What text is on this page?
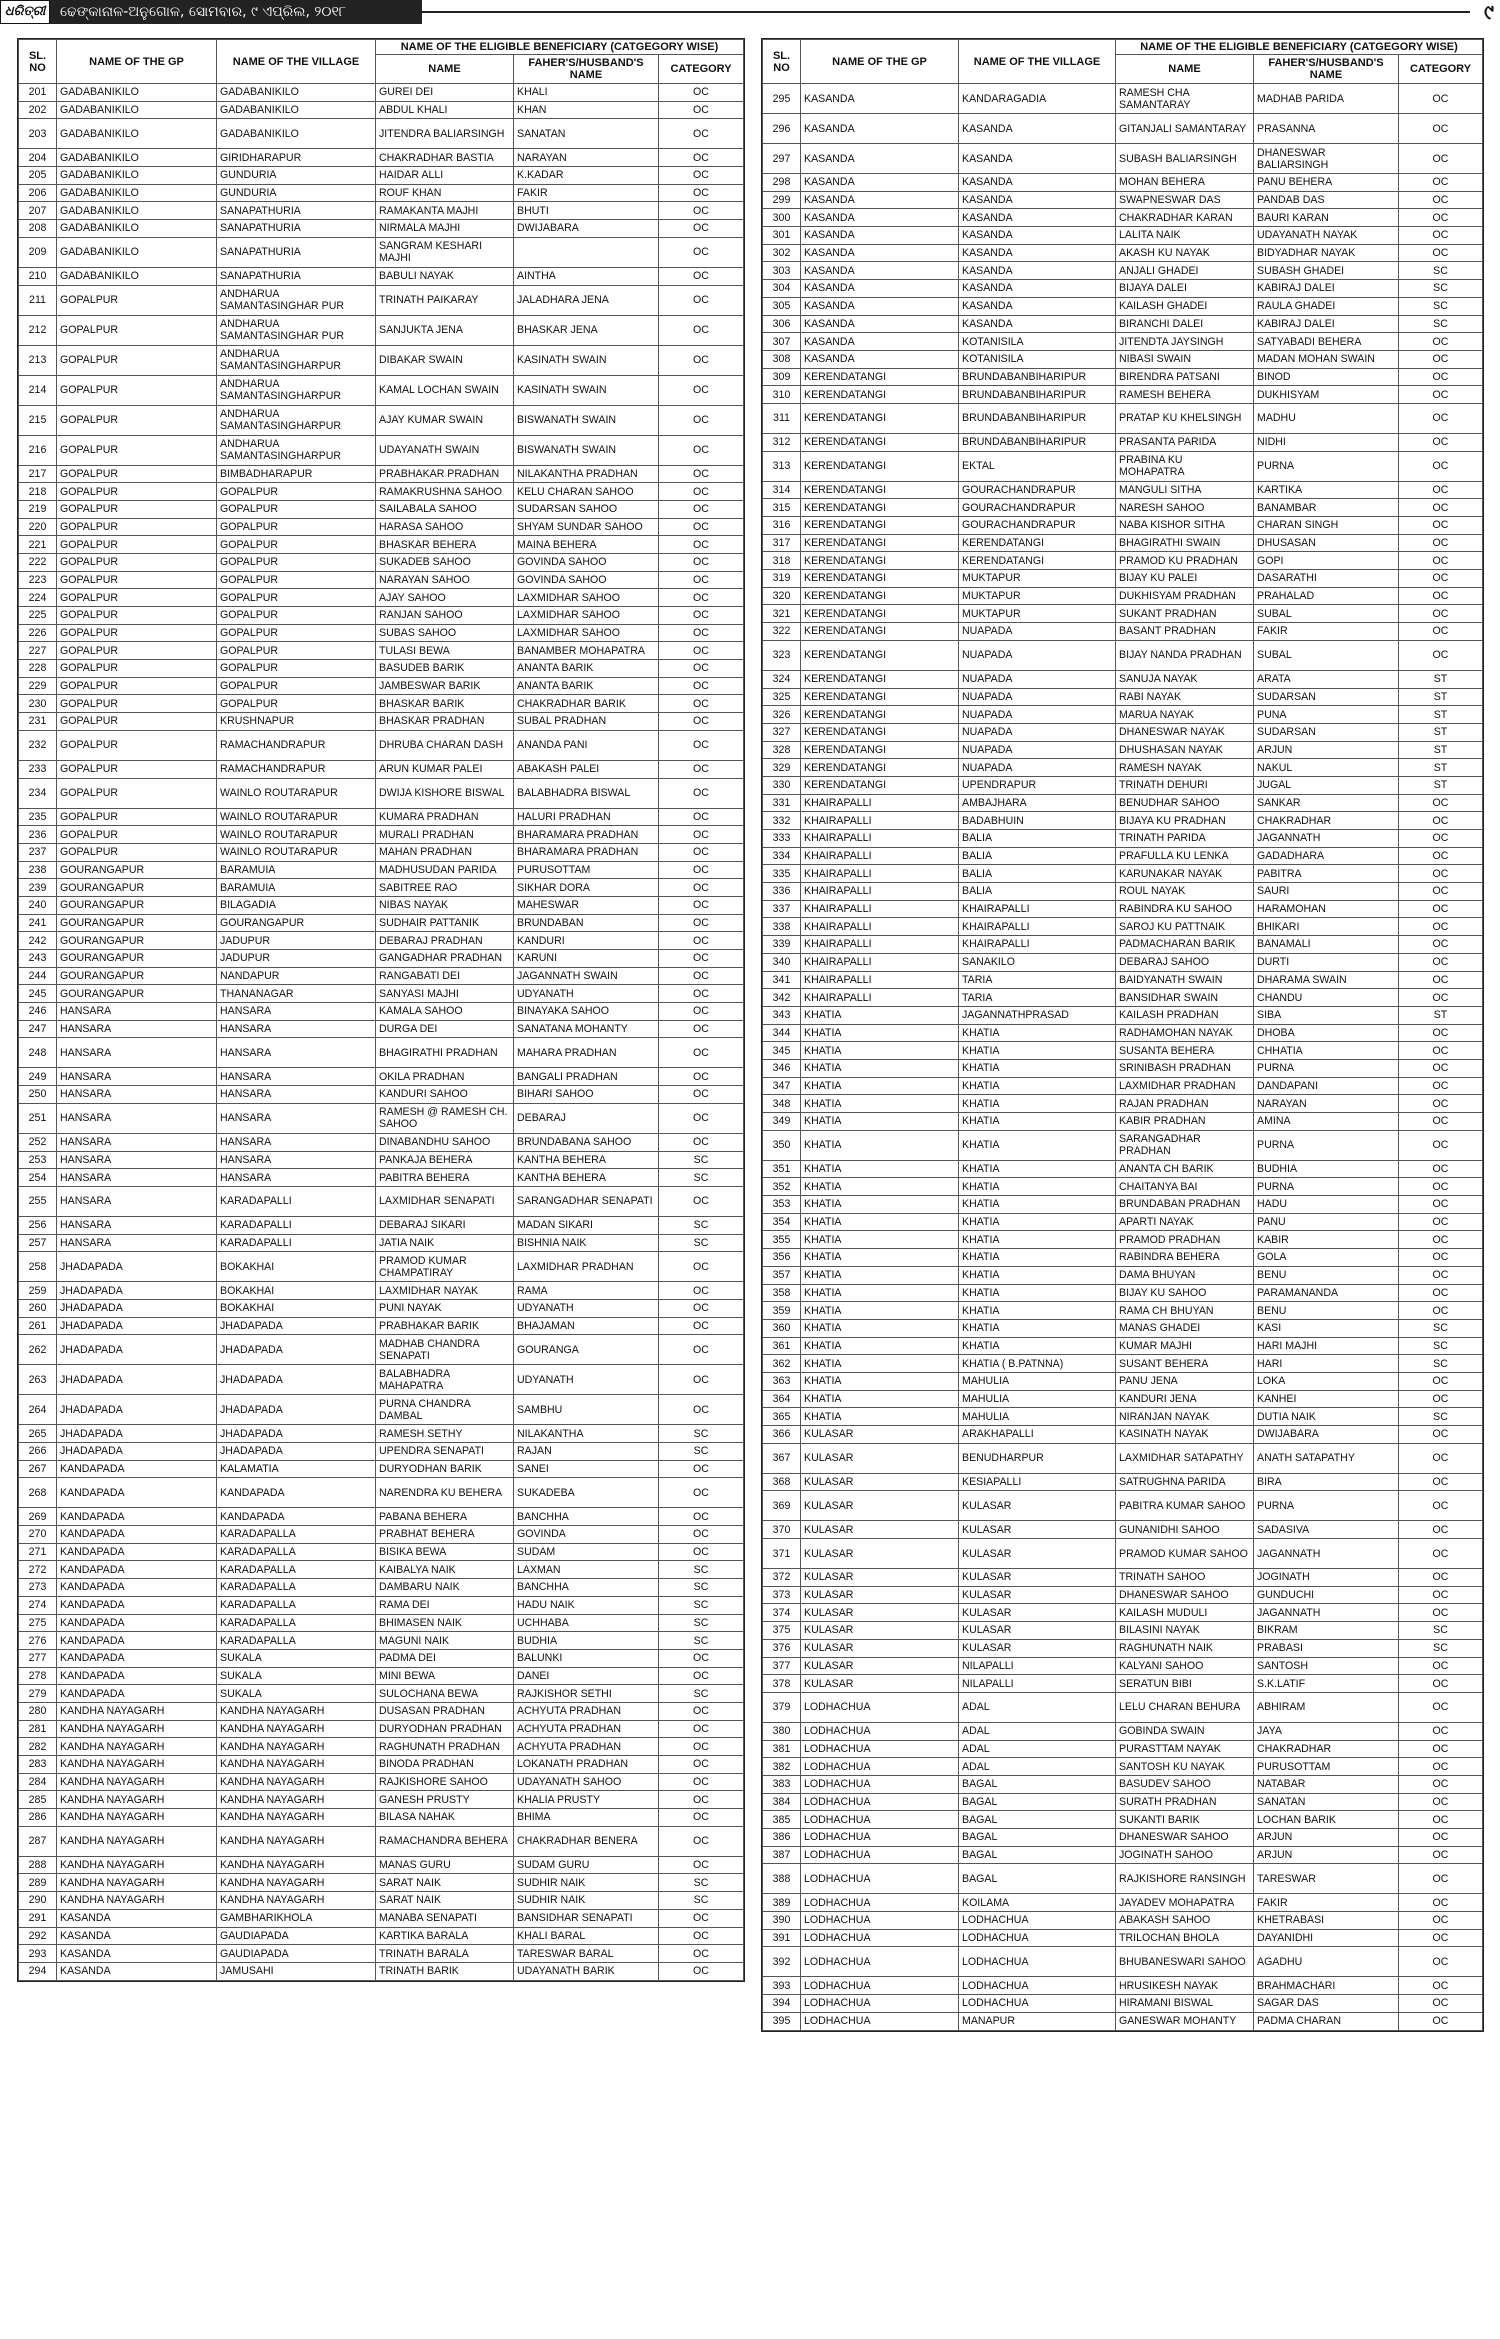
ଧରିତ୍ରୀ	ଢେଙ୍କାନାଳ-ଅନୁଗୋଳ, ସୋମବାର, ୯ ଏପ୍ରିଲ, ୨୦୧୮	୯
SL. NO	NAME OF THE GP	NAME OF THE VILLAGE	NAME OF THE ELIGIBLE BENEFICIARY (CATGEGORY WISE)		
			NAME	FAHER'S/HUSBAND'S NAME	CATEGORY
201	GADABANIKILO	GADABANIKILO	GUREI DEI	KHALI	OC
202	GADABANIKILO	GADABANIKILO	ABDUL KHALI	KHAN	OC
203	GADABANIKILO	GADABANIKILO	JITENDRA BALIARSINGH	SANATAN	OC
204	GADABANIKILO	GIRIDHARAPUR	CHAKRADHAR BASTIA	NARAYAN	OC
205	GADABANIKILO	GUNDURIA	HAIDAR ALLI	K.KADAR	OC
206	GADABANIKILO	GUNDURIA	ROUF KHAN	FAKIR	OC
207	GADABANIKILO	SANAPATHURIA	RAMAKANTA MAJHI	BHUTI	OC
208	GADABANIKILO	SANAPATHURIA	NIRMALA MAJHI	DWIJABARA	OC
209	GADABANIKILO	SANAPATHURIA	SANGRAM KESHARI MAJHI		OC
210	GADABANIKILO	SANAPATHURIA	BABULI NAYAK	AINTHA	OC
211	GOPALPUR	ANDHARUA SAMANTASINGHAR PUR	TRINATH PAIKARAY	JALADHARA JENA	OC
212	GOPALPUR	ANDHARUA SAMANTASINGHAR PUR	SANJUKTA JENA	BHASKAR JENA	OC
213	GOPALPUR	ANDHARUA SAMANTASINGHARPUR	DIBAKAR SWAIN	KASINATH SWAIN	OC
214	GOPALPUR	ANDHARUA SAMANTASINGHARPUR	KAMAL LOCHAN SWAIN	KASINATH SWAIN	OC
215	GOPALPUR	ANDHARUA SAMANTASINGHARPUR	AJAY KUMAR SWAIN	BISWANATH SWAIN	OC
216	GOPALPUR	ANDHARUA SAMANTASINGHARPUR	UDAYANATH SWAIN	BISWANATH SWAIN	OC
217	GOPALPUR	BIMBADHARAPUR	PRABHAKAR PRADHAN	NILAKANTHA PRADHAN	OC
218	GOPALPUR	GOPALPUR	RAMAKRUSHNA SAHOO	KELU CHARAN SAHOO	OC
219	GOPALPUR	GOPALPUR	SAILABALA SAHOO	SUDARSAN SAHOO	OC
220	GOPALPUR	GOPALPUR	HARASA SAHOO	SHYAM SUNDAR SAHOO	OC
221	GOPALPUR	GOPALPUR	BHASKAR BEHERA	MAINA BEHERA	OC
222	GOPALPUR	GOPALPUR	SUKADEB SAHOO	GOVINDA SAHOO	OC
223	GOPALPUR	GOPALPUR	NARAYAN SAHOO	GOVINDA SAHOO	OC
224	GOPALPUR	GOPALPUR	AJAY SAHOO	LAXMIDHAR SAHOO	OC
225	GOPALPUR	GOPALPUR	RANJAN SAHOO	LAXMIDHAR SAHOO	OC
226	GOPALPUR	GOPALPUR	SUBAS SAHOO	LAXMIDHAR SAHOO	OC
227	GOPALPUR	GOPALPUR	TULASI BEWA	BANAMBER MOHAPATRA	OC
228	GOPALPUR	GOPALPUR	BASUDEB BARIK	ANANTA BARIK	OC
229	GOPALPUR	GOPALPUR	JAMBESWAR BARIK	ANANTA BARIK	OC
230	GOPALPUR	GOPALPUR	BHASKAR BARIK	CHAKRADHAR BARIK	OC
231	GOPALPUR	KRUSHNAPUR	BHASKAR PRADHAN	SUBAL PRADHAN	OC
232	GOPALPUR	RAMACHANDRAPUR	DHRUBA CHARAN DASH	ANANDA PANI	OC
233	GOPALPUR	RAMACHANDRAPUR	ARUN KUMAR PALEI	ABAKASH PALEI	OC
234	GOPALPUR	WAINLO ROUTARAPUR	DWIJA KISHORE BISWAL	BALABHADRA BISWAL	OC
235	GOPALPUR	WAINLO ROUTARAPUR	KUMARA PRADHAN	HALURI PRADHAN	OC
236	GOPALPUR	WAINLO ROUTARAPUR	MURALI PRADHAN	BHARAMARA PRADHAN	OC
237	GOPALPUR	WAINLO ROUTARAPUR	MAHAN PRADHAN	BHARAMARA PRADHAN	OC
238	GOURANGAPUR	BARAMUIA	MADHUSUDAN PARIDA	PURUSOTTAM	OC
239	GOURANGAPUR	BARAMUIA	SABITREE RAO	SIKHAR DORA	OC
240	GOURANGAPUR	BILAGADIA	NIBAS NAYAK	MAHESWAR	OC
241	GOURANGAPUR	GOURANGAPUR	SUDHAIR PATTANIK	BRUNDABAN	OC
242	GOURANGAPUR	JADUPUR	DEBARAJ PRADHAN	KANDURI	OC
243	GOURANGAPUR	JADUPUR	GANGADHAR PRADHAN	KARUNI	OC
244	GOURANGAPUR	NANDAPUR	RANGABATI DEI	JAGANNATH SWAIN	OC
245	GOURANGAPUR	THANANAGAR	SANYASI MAJHI	UDYANATH	OC
246	HANSARA	HANSARA	KAMALA SAHOO	BINAYAKA SAHOO	OC
247	HANSARA	HANSARA	DURGA DEI	SANATANA MOHANTY	OC
248	HANSARA	HANSARA	BHAGIRATHI PRADHAN	MAHARA PRADHAN	OC
249	HANSARA	HANSARA	OKILA PRADHAN	BANGALI PRADHAN	OC
250	HANSARA	HANSARA	KANDURI SAHOO	BIHARI SAHOO	OC
251	HANSARA	HANSARA	RAMESH @ RAMESH CH. SAHOO	DEBARAJ	OC
252	HANSARA	HANSARA	DINABANDHU SAHOO	BRUNDABANA SAHOO	OC
253	HANSARA	HANSARA	PANKAJA BEHERA	KANTHA BEHERA	SC
254	HANSARA	HANSARA	PABITRA BEHERA	KANTHA BEHERA	SC
255	HANSARA	KARADAPALLI	LAXMIDHAR SENAPATI	SARANGADHAR SENAPATI	OC
256	HANSARA	KARADAPALLI	DEBARAJ SIKARI	MADAN SIKARI	SC
257	HANSARA	KARADAPALLI	JATIA NAIK	BISHNIA NAIK	SC
258	JHADAPADA	BOKAKHAI	PRAMOD KUMAR CHAMPATIRAY	LAXMIDHAR PRADHAN	OC
259	JHADAPADA	BOKAKHAI	LAXMIDHAR NAYAK	RAMA	OC
260	JHADAPADA	BOKAKHAI	PUNI NAYAK	UDYANATH	OC
261	JHADAPADA	JHADAPADA	PRABHAKAR BARIK	BHAJAMAN	OC
262	JHADAPADA	JHADAPADA	MADHAB CHANDRA SENAPATI	GOURANGA	OC
263	JHADAPADA	JHADAPADA	BALABHADRA MAHAPATRA	UDYANATH	OC
264	JHADAPADA	JHADAPADA	PURNA CHANDRA DAMBAL	SAMBHU	OC
265	JHADAPADA	JHADAPADA	RAMESH SETHY	NILAKANTHA	SC
266	JHADAPADA	JHADAPADA	UPENDRA SENAPATI	RAJAN	SC
267	KANDAPADA	KALAMATIA	DURYODHAN BARIK	SANEI	OC
268	KANDAPADA	KANDAPADA	NARENDRA KU BEHERA	SUKADEBA	OC
269	KANDAPADA	KANDAPADA	PABANA BEHERA	BANCHHA	OC
270	KANDAPADA	KARADAPALLA	PRABHAT BEHERA	GOVINDA	OC
271	KANDAPADA	KARADAPALLA	BISIKA BEWA	SUDAM	OC
272	KANDAPADA	KARADAPALLA	KAIBALYA NAIK	LAXMAN	SC
273	KANDAPADA	KARADAPALLA	DAMBARU NAIK	BANCHHA	SC
274	KANDAPADA	KARADAPALLA	RAMA DEI	HADU NAIK	SC
275	KANDAPADA	KARADAPALLA	BHIMASEN NAIK	UCHHABA	SC
276	KANDAPADA	KARADAPALLA	MAGUNI NAIK	BUDHIA	SC
277	KANDAPADA	SUKALA	PADMA DEI	BALUNKI	OC
278	KANDAPADA	SUKALA	MINI BEWA	DANEI	OC
279	KANDAPADA	SUKALA	SULOCHANA BEWA	RAJKISHOR SETHI	SC
280	KANDHA NAYAGARH	KANDHA NAYAGARH	DUSASAN PRADHAN	ACHYUTA PRADHAN	OC
281	KANDHA NAYAGARH	KANDHA NAYAGARH	DURYODHAN PRADHAN	ACHYUTA PRADHAN	OC
282	KANDHA NAYAGARH	KANDHA NAYAGARH	RAGHUNATH PRADHAN	ACHYUTA PRADHAN	OC
283	KANDHA NAYAGARH	KANDHA NAYAGARH	BINODA PRADHAN	LOKANATH PRADHAN	OC
284	KANDHA NAYAGARH	KANDHA NAYAGARH	RAJKISHORE SAHOO	UDAYANATH SAHOO	OC
285	KANDHA NAYAGARH	KANDHA NAYAGARH	GANESH PRUSTY	KHALIA PRUSTY	OC
286	KANDHA NAYAGARH	KANDHA NAYAGARH	BILASA NAHAK	BHIMA	OC
287	KANDHA NAYAGARH	KANDHA NAYAGARH	RAMACHANDRA BEHERA	CHAKRADHAR BENERA	OC
288	KANDHA NAYAGARH	KANDHA NAYAGARH	MANAS GURU	SUDAM GURU	OC
289	KANDHA NAYAGARH	KANDHA NAYAGARH	SARAT NAIK	SUDHIR NAIK	SC
290	KANDHA NAYAGARH	KANDHA NAYAGARH	SARAT NAIK	SUDHIR NAIK	SC
291	KASANDA	GAMBHARIKHOLA	MANABA SENAPATI	BANSIDHAR SENAPATI	OC
292	KASANDA	GAUDIAPADA	KARTIKA BARALA	KHALI BARAL	OC
293	KASANDA	GAUDIAPADA	TRINATH BARALA	TARESWAR BARAL	OC
294	KASANDA	JAMUSAHI	TRINATH BARIK	UDAYANATH BARIK	OC
SL. NO	NAME OF THE GP	NAME OF THE VILLAGE	NAME OF THE ELIGIBLE BENEFICIARY (CATGEGORY WISE)		
			NAME	FAHER'S/HUSBAND'S NAME	CATEGORY
295	KASANDA	KANDARAGADIA	RAMESH CHA SAMANTARAY	MADHAB PARIDA	OC
296	KASANDA	KASANDA	GITANJALI SAMANTARAY	PRASANNA	OC
297	KASANDA	KASANDA	SUBASH BALIARSINGH	DHANESWAR BALIARSINGH	OC
298	KASANDA	KASANDA	MOHAN BEHERA	PANU BEHERA	OC
299	KASANDA	KASANDA	SWAPNESWAR DAS	PANDAB DAS	OC
300	KASANDA	KASANDA	CHAKRADHAR KARAN	BAURI KARAN	OC
301	KASANDA	KASANDA	LALITA NAIK	UDAYANATH NAYAK	OC
302	KASANDA	KASANDA	AKASH KU NAYAK	BIDYADHAR NAYAK	OC
303	KASANDA	KASANDA	ANJALI GHADEI	SUBASH GHADEI	SC
304	KASANDA	KASANDA	BIJAYA DALEI	KABIRAJ DALEI	SC
305	KASANDA	KASANDA	KAILASH GHADEI	RAULA GHADEI	SC
306	KASANDA	KASANDA	BIRANCHI DALEI	KABIRAJ DALEI	SC
307	KASANDA	KOTANISILA	JITENDTA JAYSINGH	SATYABADI BEHERA	OC
308	KASANDA	KOTANISILA	NIBASI SWAIN	MADAN MOHAN SWAIN	OC
309	KERENDATANGI	BRUNDABANBIHARIPUR	BIRENDRA PATSANI	BINOD	OC
310	KERENDATANGI	BRUNDABANBIHARIPUR	RAMESH BEHERA	DUKHISYAM	OC
311	KERENDATANGI	BRUNDABANBIHARIPUR	PRATAP KU KHELSINGH	MADHU	OC
312	KERENDATANGI	BRUNDABANBIHARIPUR	PRASANTA PARIDA	NIDHI	OC
313	KERENDATANGI	EKTAL	PRABINA KU MOHAPATRA	PURNA	OC
314	KERENDATANGI	GOURACHANDRAPUR	MANGULI SITHA	KARTIKA	OC
315	KERENDATANGI	GOURACHANDRAPUR	NARESH SAHOO	BANAMBAR	OC
316	KERENDATANGI	GOURACHANDRAPUR	NABA KISHOR SITHA	CHARAN SINGH	OC
317	KERENDATANGI	KERENDATANGI	BHAGIRATHI SWAIN	DHUSASAN	OC
318	KERENDATANGI	KERENDATANGI	PRAMOD KU PRADHAN	GOPI	OC
319	KERENDATANGI	MUKTAPUR	BIJAY KU PALEI	DASARATHI	OC
320	KERENDATANGI	MUKTAPUR	DUKHISYAM PRADHAN	PRAHALAD	OC
321	KERENDATANGI	MUKTAPUR	SUKANT PRADHAN	SUBAL	OC
322	KERENDATANGI	NUAPADA	BASANT PRADHAN	FAKIR	OC
323	KERENDATANGI	NUAPADA	BIJAY NANDA PRADHAN	SUBAL	OC
324	KERENDATANGI	NUAPADA	SANUJA NAYAK	ARATA	ST
325	KERENDATANGI	NUAPADA	RABI NAYAK	SUDARSAN	ST
326	KERENDATANGI	NUAPADA	MARUA NAYAK	PUNA	ST
327	KERENDATANGI	NUAPADA	DHANESWAR NAYAK	SUDARSAN	ST
328	KERENDATANGI	NUAPADA	DHUSHASAN NAYAK	ARJUN	ST
329	KERENDATANGI	NUAPADA	RAMESH NAYAK	NAKUL	ST
330	KERENDATANGI	UPENDRAPUR	TRINATH DEHURI	JUGAL	ST
331	KHAIRAPALLI	AMBAJHARA	BENUDHAR SAHOO	SANKAR	OC
332	KHAIRAPALLI	BADABHUIN	BIJAYA KU PRADHAN	CHAKRADHAR	OC
333	KHAIRAPALLI	BALIA	TRINATH PARIDA	JAGANNATH	OC
334	KHAIRAPALLI	BALIA	PRAFULLA KU LENKA	GADADHARA	OC
335	KHAIRAPALLI	BALIA	KARUNAKAR NAYAK	PABITRA	OC
336	KHAIRAPALLI	BALIA	ROUL NAYAK	SAURI	OC
337	KHAIRAPALLI	KHAIRAPALLI	RABINDRA KU SAHOO	HARAMOHAN	OC
338	KHAIRAPALLI	KHAIRAPALLI	SAROJ KU PATTNAIK	BHIKARI	OC
339	KHAIRAPALLI	KHAIRAPALLI	PADMACHARAN BARIK	BANAMALI	OC
340	KHAIRAPALLI	SANAKILO	DEBARAJ SAHOO	DURTI	OC
341	KHAIRAPALLI	TARIA	BAIDYANATH SWAIN	DHARAMA SWAIN	OC
342	KHAIRAPALLI	TARIA	BANSIDHAR SWAIN	CHANDU	OC
343	KHATIA	JAGANNATHPRASAD	KAILASH PRADHAN	SIBA	ST
344	KHATIA	KHATIA	RADHAMOHAN NAYAK	DHOBA	OC
345	KHATIA	KHATIA	SUSANTA BEHERA	CHHATIA	OC
346	KHATIA	KHATIA	SRINIBASH PRADHAN	PURNA	OC
347	KHATIA	KHATIA	LAXMIDHAR PRADHAN	DANDAPANI	OC
348	KHATIA	KHATIA	RAJAN PRADHAN	NARAYAN	OC
349	KHATIA	KHATIA	KABIR PRADHAN	AMINA	OC
350	KHATIA	KHATIA	SARANGADHAR PRADHAN	PURNA	OC
351	KHATIA	KHATIA	ANANTA CH BARIK	BUDHIA	OC
352	KHATIA	KHATIA	CHAITANYA BAI	PURNA	OC
353	KHATIA	KHATIA	BRUNDABAN PRADHAN	HADU	OC
354	KHATIA	KHATIA	APARTI NAYAK	PANU	OC
355	KHATIA	KHATIA	PRAMOD PRADHAN	KABIR	OC
356	KHATIA	KHATIA	RABINDRA BEHERA	GOLA	OC
357	KHATIA	KHATIA	DAMA BHUYAN	BENU	OC
358	KHATIA	KHATIA	BIJAY KU SAHOO	PARAMANANDA	OC
359	KHATIA	KHATIA	RAMA CH BHUYAN	BENU	OC
360	KHATIA	KHATIA	MANAS GHADEI	KASI	SC
361	KHATIA	KHATIA	KUMAR MAJHI	HARI MAJHI	SC
362	KHATIA	KHATIA ( B.PATNNA)	SUSANT BEHERA	HARI	SC
363	KHATIA	MAHULIA	PANU JENA	LOKA	OC
364	KHATIA	MAHULIA	KANDURI JENA	KANHEI	OC
365	KHATIA	MAHULIA	NIRANJAN NAYAK	DUTIA NAIK	SC
366	KULASAR	ARAKHAPALLI	KASINATH NAYAK	DWIJABARA	OC
367	KULASAR	BENUDHARPUR	LAXMIDHAR SATAPATHY	ANATH SATAPATHY	OC
368	KULASAR	KESIAPALLI	SATRUGHNA PARIDA	BIRA	OC
369	KULASAR	KULASAR	PABITRA KUMAR SAHOO	PURNA	OC
370	KULASAR	KULASAR	GUNANIDHI SAHOO	SADASIVA	OC
371	KULASAR	KULASAR	PRAMOD KUMAR SAHOO	JAGANNATH	OC
372	KULASAR	KULASAR	TRINATH SAHOO	JOGINATH	OC
373	KULASAR	KULASAR	DHANESWAR SAHOO	GUNDUCHI	OC
374	KULASAR	KULASAR	KAILASH MUDULI	JAGANNATH	OC
375	KULASAR	KULASAR	BILASINI NAYAK	BIKRAM	SC
376	KULASAR	KULASAR	RAGHUNATH NAIK	PRABASI	SC
377	KULASAR	NILAPALLI	KALYANI SAHOO	SANTOSH	OC
378	KULASAR	NILAPALLI	SERATUN BIBI	S.K.LATIF	OC
379	LODHACHUA	ADAL	LELU CHARAN BEHURA	ABHIRAM	OC
380	LODHACHUA	ADAL	GOBINDA SWAIN	JAYA	OC
381	LODHACHUA	ADAL	PURASTTAM NAYAK	CHAKRADHAR	OC
382	LODHACHUA	ADAL	SANTOSH KU NAYAK	PURUSOTTAM	OC
383	LODHACHUA	BAGAL	BASUDEV SAHOO	NATABAR	OC
384	LODHACHUA	BAGAL	SURATH PRADHAN	SANATAN	OC
385	LODHACHUA	BAGAL	SUKANTI BARIK	LOCHAN BARIK	OC
386	LODHACHUA	BAGAL	DHANESWAR SAHOO	ARJUN	OC
387	LODHACHUA	BAGAL	JOGINATH SAHOO	ARJUN	OC
388	LODHACHUA	BAGAL	RAJKISHORE RANSINGH	TARESWAR	OC
389	LODHACHUA	KOILAMA	JAYADEV MOHAPATRA	FAKIR	OC
390	LODHACHUA	LODHACHUA	ABAKASH SAHOO	KHETRABASI	OC
391	LODHACHUA	LODHACHUA	TRILOCHAN BHOLA	DAYANIDHI	OC
392	LODHACHUA	LODHACHUA	BHUBANESWARI SAHOO	AGADHU	OC
393	LODHACHUA	LODHACHUA	HRUSIKESH NAYAK	BRAHMACHARI	OC
394	LODHACHUA	LODHACHUA	HIRAMANI BISWAL	SAGAR DAS	OC
395	LODHACHUA	MANAPUR	GANESWAR MOHANTY	PADMA CHARAN	OC
